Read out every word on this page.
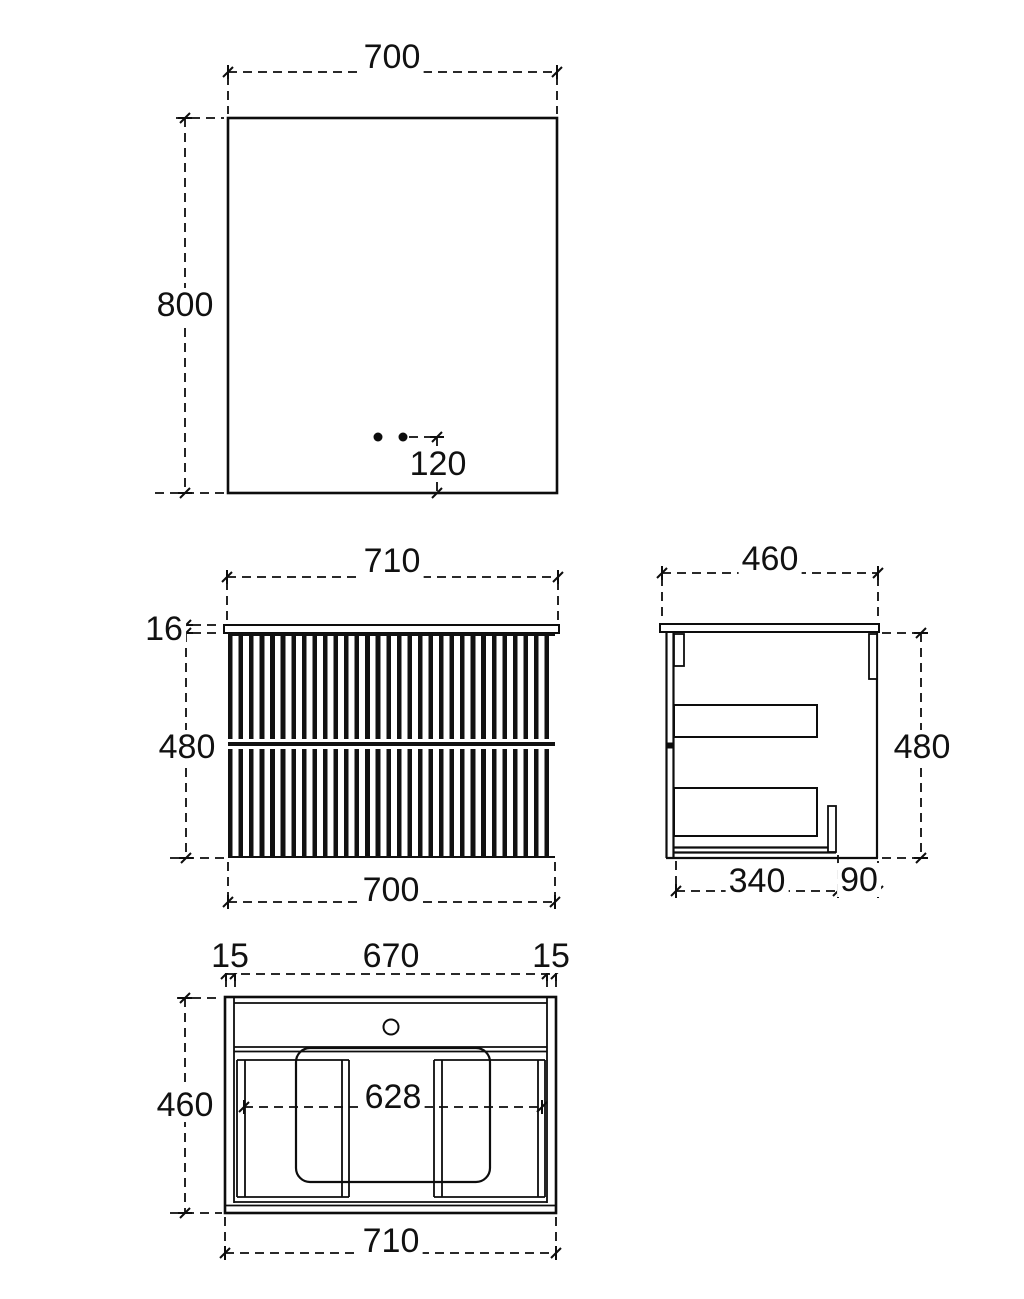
700
800
120
710
16
480
700
460
480
340 90
15	670	15
460	628
710
